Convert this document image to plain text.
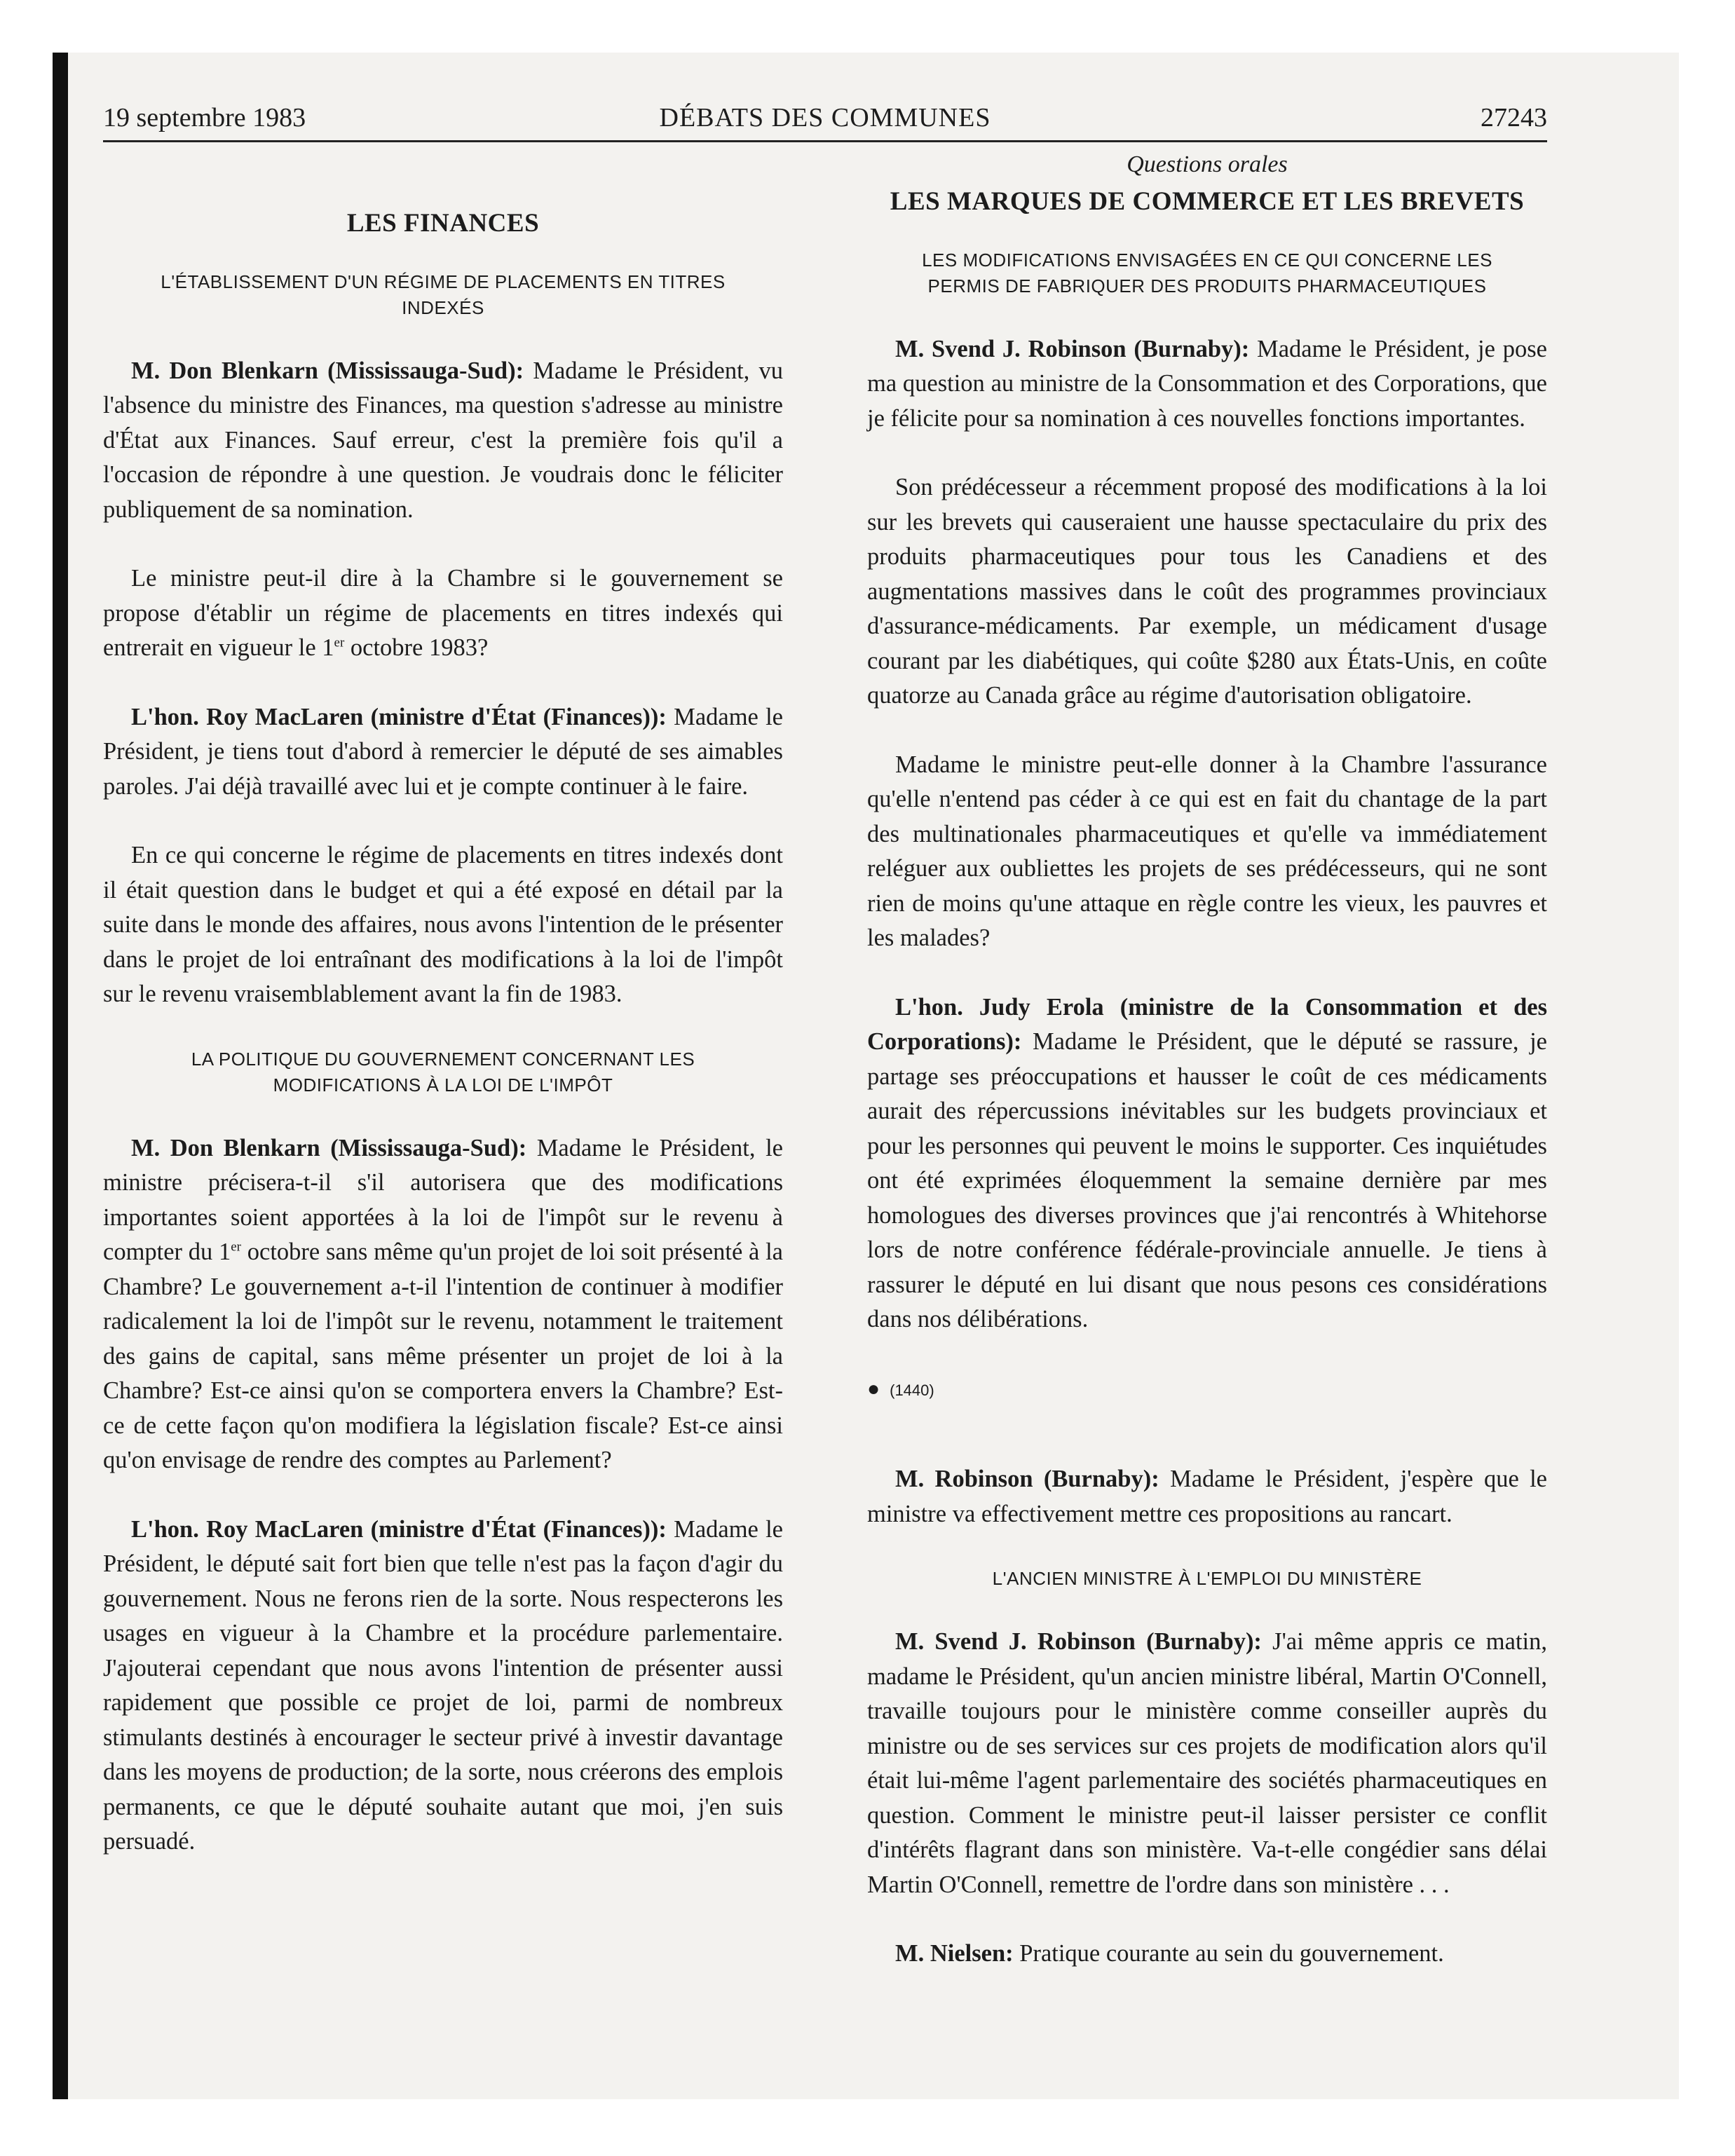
19 septembre 1983	DÉBATS DES COMMUNES	27243
LES FINANCES
L'ÉTABLISSEMENT D'UN RÉGIME DE PLACEMENTS EN TITRES INDEXÉS

M. Don Blenkarn (Mississauga-Sud): Madame le Président, vu l'absence du ministre des Finances, ma question s'adresse au ministre d'État aux Finances. Sauf erreur, c'est la première fois qu'il a l'occasion de répondre à une question. Je voudrais donc le féliciter publiquement de sa nomination.

Le ministre peut-il dire à la Chambre si le gouvernement se propose d'établir un régime de placements en titres indexés qui entrerait en vigueur le 1er octobre 1983?

L'hon. Roy MacLaren (ministre d'État (Finances)): Madame le Président, je tiens tout d'abord à remercier le député de ses aimables paroles. J'ai déjà travaillé avec lui et je compte continuer à le faire.

En ce qui concerne le régime de placements en titres indexés dont il était question dans le budget et qui a été exposé en détail par la suite dans le monde des affaires, nous avons l'intention de le présenter dans le projet de loi entraînant des modifications à la loi de l'impôt sur le revenu vraisemblablement avant la fin de 1983.

LA POLITIQUE DU GOUVERNEMENT CONCERNANT LES MODIFICATIONS À LA LOI DE L'IMPÔT

M. Don Blenkarn (Mississauga-Sud): Madame le Président, le ministre précisera-t-il s'il autorisera que des modifications importantes soient apportées à la loi de l'impôt sur le revenu à compter du 1er octobre sans même qu'un projet de loi soit présenté à la Chambre? Le gouvernement a-t-il l'intention de continuer à modifier radicalement la loi de l'impôt sur le revenu, notamment le traitement des gains de capital, sans même présenter un projet de loi à la Chambre? Est-ce ainsi qu'on se comportera envers la Chambre? Est-ce de cette façon qu'on modifiera la législation fiscale? Est-ce ainsi qu'on envisage de rendre des comptes au Parlement?

L'hon. Roy MacLaren (ministre d'État (Finances)): Madame le Président, le député sait fort bien que telle n'est pas la façon d'agir du gouvernement. Nous ne ferons rien de la sorte. Nous respecterons les usages en vigueur à la Chambre et la procédure parlementaire. J'ajouterai cependant que nous avons l'intention de présenter aussi rapidement que possible ce projet de loi, parmi de nombreux stimulants destinés à encourager le secteur privé à investir davantage dans les moyens de production; de la sorte, nous créerons des emplois permanents, ce que le député souhaite autant que moi, j'en suis persuadé.

Questions orales
LES MARQUES DE COMMERCE ET LES BREVETS
LES MODIFICATIONS ENVISAGÉES EN CE QUI CONCERNE LES PERMIS DE FABRIQUER DES PRODUITS PHARMACEUTIQUES

M. Svend J. Robinson (Burnaby): Madame le Président, je pose ma question au ministre de la Consommation et des Corporations, que je félicite pour sa nomination à ces nouvelles fonctions importantes.

Son prédécesseur a récemment proposé des modifications à la loi sur les brevets qui causeraient une hausse spectaculaire du prix des produits pharmaceutiques pour tous les Canadiens et des augmentations massives dans le coût des programmes provinciaux d'assurance-médicaments. Par exemple, un médicament d'usage courant par les diabétiques, qui coûte $280 aux États-Unis, en coûte quatorze au Canada grâce au régime d'autorisation obligatoire.

Madame le ministre peut-elle donner à la Chambre l'assurance qu'elle n'entend pas céder à ce qui est en fait du chantage de la part des multinationales pharmaceutiques et qu'elle va immédiatement reléguer aux oubliettes les projets de ses prédécesseurs, qui ne sont rien de moins qu'une attaque en règle contre les vieux, les pauvres et les malades?

L'hon. Judy Erola (ministre de la Consommation et des Corporations): Madame le Président, que le député se rassure, je partage ses préoccupations et hausser le coût de ces médicaments aurait des répercussions inévitables sur les budgets provinciaux et pour les personnes qui peuvent le moins le supporter. Ces inquiétudes ont été exprimées éloquemment la semaine dernière par mes homologues des diverses provinces que j'ai rencontrés à Whitehorse lors de notre conférence fédérale-provinciale annuelle. Je tiens à rassurer le député en lui disant que nous pesons ces considérations dans nos délibérations.

● (1440)

M. Robinson (Burnaby): Madame le Président, j'espère que le ministre va effectivement mettre ces propositions au rancart.

L'ANCIEN MINISTRE À L'EMPLOI DU MINISTÈRE

M. Svend J. Robinson (Burnaby): J'ai même appris ce matin, madame le Président, qu'un ancien ministre libéral, Martin O'Connell, travaille toujours pour le ministère comme conseiller auprès du ministre ou de ses services sur ces projets de modification alors qu'il était lui-même l'agent parlementaire des sociétés pharmaceutiques en question. Comment le ministre peut-il laisser persister ce conflit d'intérêts flagrant dans son ministère. Va-t-elle congédier sans délai Martin O'Connell, remettre de l'ordre dans son ministère . . .

M. Nielsen: Pratique courante au sein du gouvernement.
